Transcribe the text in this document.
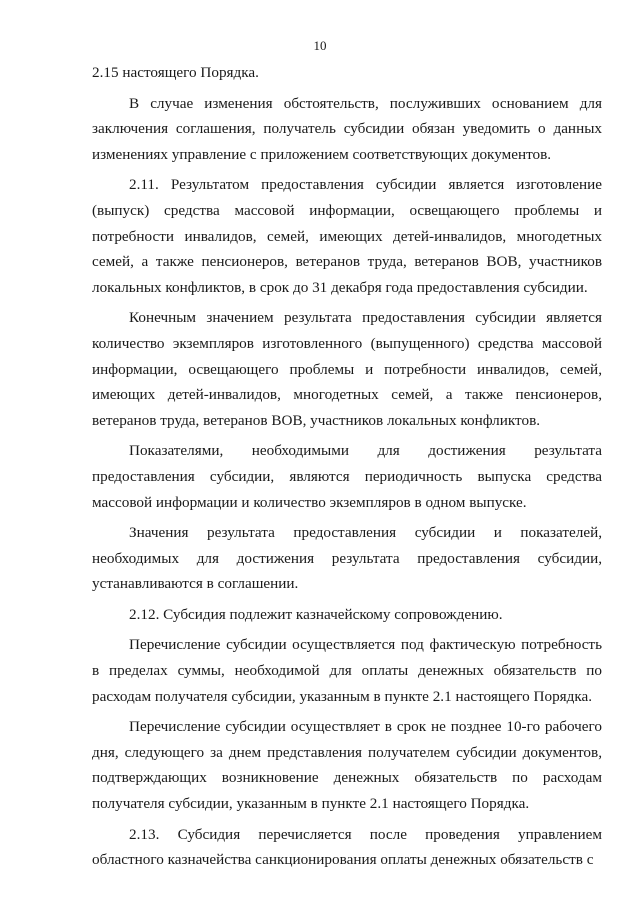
10

2.15 настоящего Порядка.

В случае изменения обстоятельств, послуживших основанием для заключения соглашения, получатель субсидии обязан уведомить о данных изменениях управление с приложением соответствующих документов.

2.11. Результатом предоставления субсидии является изготовление (выпуск) средства массовой информации, освещающего проблемы и потребности инвалидов, семей, имеющих детей-инвалидов, многодетных семей, а также пенсионеров, ветеранов труда, ветеранов ВОВ, участников локальных конфликтов, в срок до 31 декабря года предоставления субсидии.

Конечным значением результата предоставления субсидии является количество экземпляров изготовленного (выпущенного) средства массовой информации, освещающего проблемы и потребности инвалидов, семей, имеющих детей-инвалидов, многодетных семей, а также пенсионеров, ветеранов труда, ветеранов ВОВ, участников локальных конфликтов.

Показателями, необходимыми для достижения результата предоставления субсидии, являются периодичность выпуска средства массовой информации и количество экземпляров в одном выпуске.

Значения результата предоставления субсидии и показателей, необходимых для достижения результата предоставления субсидии, устанавливаются в соглашении.

2.12. Субсидия подлежит казначейскому сопровождению.

Перечисление субсидии осуществляется под фактическую потребность в пределах суммы, необходимой для оплаты денежных обязательств по расходам получателя субсидии, указанным в пункте 2.1 настоящего Порядка.

Перечисление субсидии осуществляет в срок не позднее 10-го рабочего дня, следующего за днем представления получателем субсидии документов, подтверждающих возникновение денежных обязательств по расходам получателя субсидии, указанным в пункте 2.1 настоящего Порядка.

2.13. Субсидия перечисляется после проведения управлением областного казначейства санкционирования оплаты денежных обязательств с
